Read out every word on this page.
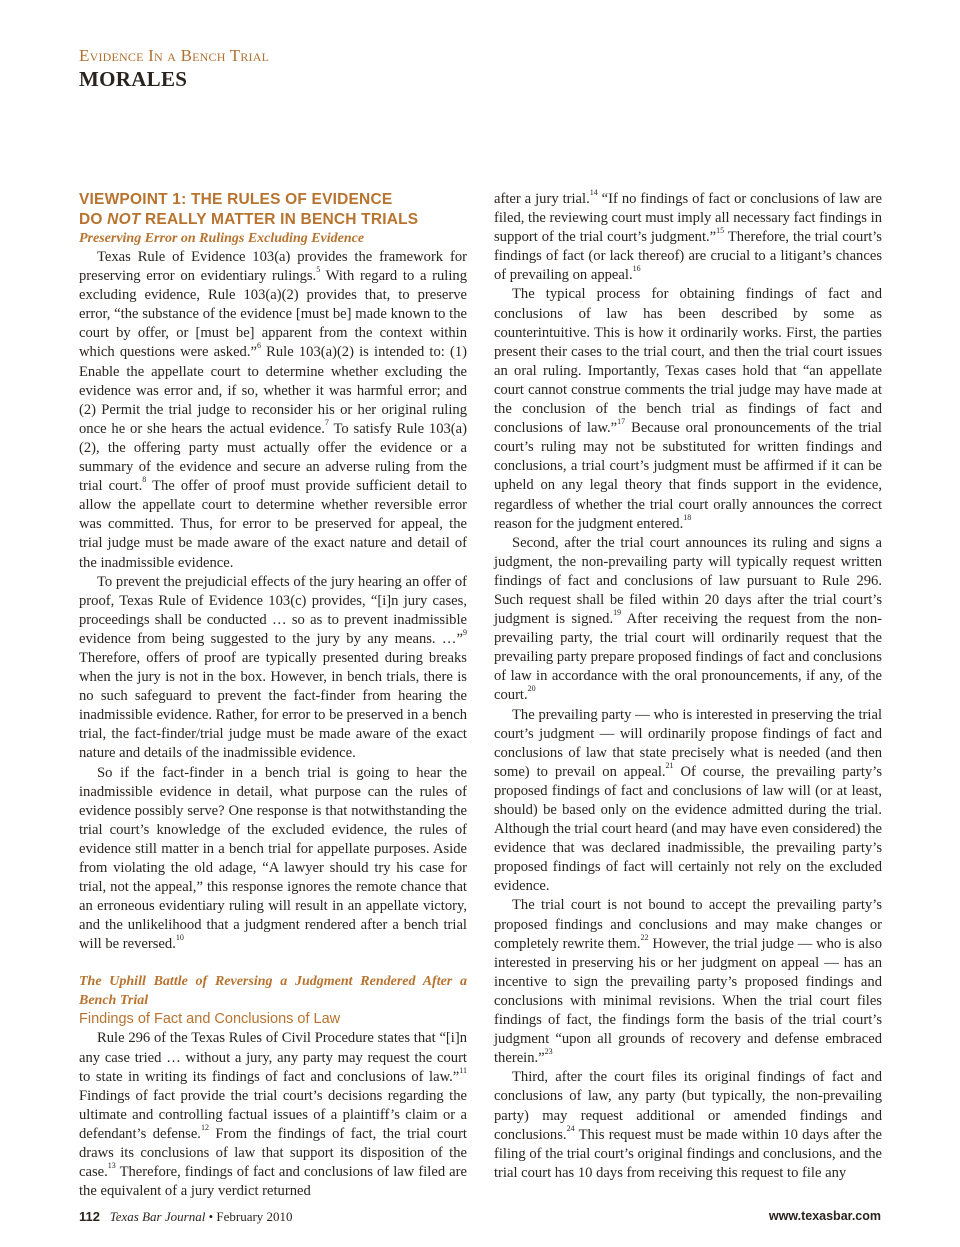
Evidence In a Bench Trial
MORALES
VIEWPOINT 1: THE RULES OF EVIDENCE
DO NOT REALLY MATTER IN BENCH TRIALS
Preserving Error on Rulings Excluding Evidence

Texas Rule of Evidence 103(a) provides the framework for preserving error on evidentiary rulings.$^5$ With regard to a ruling excluding evidence, Rule 103(a)(2) provides that, to preserve error, “the substance of the evidence [must be] made known to the court by offer, or [must be] apparent from the context within which questions were asked.”$^6$ Rule 103(a)(2) is intended to: (1) Enable the appellate court to determine whether excluding the evidence was error and, if so, whether it was harmful error; and (2) Permit the trial judge to reconsider his or her original ruling once he or she hears the actual evidence.$^7$ To satisfy Rule 103(a)(2), the offering party must actually offer the evidence or a summary of the evidence and secure an adverse ruling from the trial court.$^8$ The offer of proof must provide sufficient detail to allow the appellate court to determine whether reversible error was committed. Thus, for error to be preserved for appeal, the trial judge must be made aware of the exact nature and detail of the inadmissible evidence.

To prevent the prejudicial effects of the jury hearing an offer of proof, Texas Rule of Evidence 103(c) provides, “[i]n jury cases, proceedings shall be conducted … so as to prevent inadmissible evidence from being suggested to the jury by any means. …”$^9$ Therefore, offers of proof are typically presented during breaks when the jury is not in the box. However, in bench trials, there is no such safeguard to prevent the fact-finder from hearing the inadmissible evidence. Rather, for error to be preserved in a bench trial, the fact-finder/trial judge must be made aware of the exact nature and details of the inadmissible evidence.

So if the fact-finder in a bench trial is going to hear the inadmissible evidence in detail, what purpose can the rules of evidence possibly serve? One response is that notwithstanding the trial court’s knowledge of the excluded evidence, the rules of evidence still matter in a bench trial for appellate purposes. Aside from violating the old adage, “A lawyer should try his case for trial, not the appeal,” this response ignores the remote chance that an erroneous evidentiary ruling will result in an appellate victory, and the unlikelihood that a judgment rendered after a bench trial will be reversed.$^{10}$

The Uphill Battle of Reversing a Judgment Rendered After a Bench Trial
Findings of Fact and Conclusions of Law

Rule 296 of the Texas Rules of Civil Procedure states that “[i]n any case tried … without a jury, any party may request the court to state in writing its findings of fact and conclusions of law.”$^{11}$ Findings of fact provide the trial court’s decisions regarding the ultimate and controlling factual issues of a plaintiff’s claim or a defendant’s defense.$^{12}$ From the findings of fact, the trial court draws its conclusions of law that support its disposition of the case.$^{13}$ Therefore, findings of fact and conclusions of law filed are the equivalent of a jury verdict returned

after a jury trial.$^{14}$ “If no findings of fact or conclusions of law are filed, the reviewing court must imply all necessary fact findings in support of the trial court’s judgment.”$^{15}$ Therefore, the trial court’s findings of fact (or lack thereof) are crucial to a litigant’s chances of prevailing on appeal.$^{16}$

The typical process for obtaining findings of fact and conclusions of law has been described by some as counterintuitive. This is how it ordinarily works. First, the parties present their cases to the trial court, and then the trial court issues an oral ruling. Importantly, Texas cases hold that “an appellate court cannot construe comments the trial judge may have made at the conclusion of the bench trial as findings of fact and conclusions of law.”$^{17}$ Because oral pronouncements of the trial court’s ruling may not be substituted for written findings and conclusions, a trial court’s judgment must be affirmed if it can be upheld on any legal theory that finds support in the evidence, regardless of whether the trial court orally announces the correct reason for the judgment entered.$^{18}$

Second, after the trial court announces its ruling and signs a judgment, the non-prevailing party will typically request written findings of fact and conclusions of law pursuant to Rule 296. Such request shall be filed within 20 days after the trial court’s judgment is signed.$^{19}$ After receiving the request from the non-prevailing party, the trial court will ordinarily request that the prevailing party prepare proposed findings of fact and conclusions of law in accordance with the oral pronouncements, if any, of the court.$^{20}$

The prevailing party — who is interested in preserving the trial court’s judgment — will ordinarily propose findings of fact and conclusions of law that state precisely what is needed (and then some) to prevail on appeal.$^{21}$ Of course, the prevailing party’s proposed findings of fact and conclusions of law will (or at least, should) be based only on the evidence admitted during the trial. Although the trial court heard (and may have even considered) the evidence that was declared inadmissible, the prevailing party’s proposed findings of fact will certainly not rely on the excluded evidence.

The trial court is not bound to accept the prevailing party’s proposed findings and conclusions and may make changes or completely rewrite them.$^{22}$ However, the trial judge — who is also interested in preserving his or her judgment on appeal — has an incentive to sign the prevailing party’s proposed findings and conclusions with minimal revisions. When the trial court files findings of fact, the findings form the basis of the trial court’s judgment “upon all grounds of recovery and defense embraced therein.”$^{23}$

Third, after the court files its original findings of fact and conclusions of law, any party (but typically, the non-prevailing party) may request additional or amended findings and conclusions.$^{24}$ This request must be made within 10 days after the filing of the trial court’s original findings and conclusions, and the trial court has 10 days from receiving this request to file any

112 Texas Bar Journal • February 2010	www.texasbar.com
